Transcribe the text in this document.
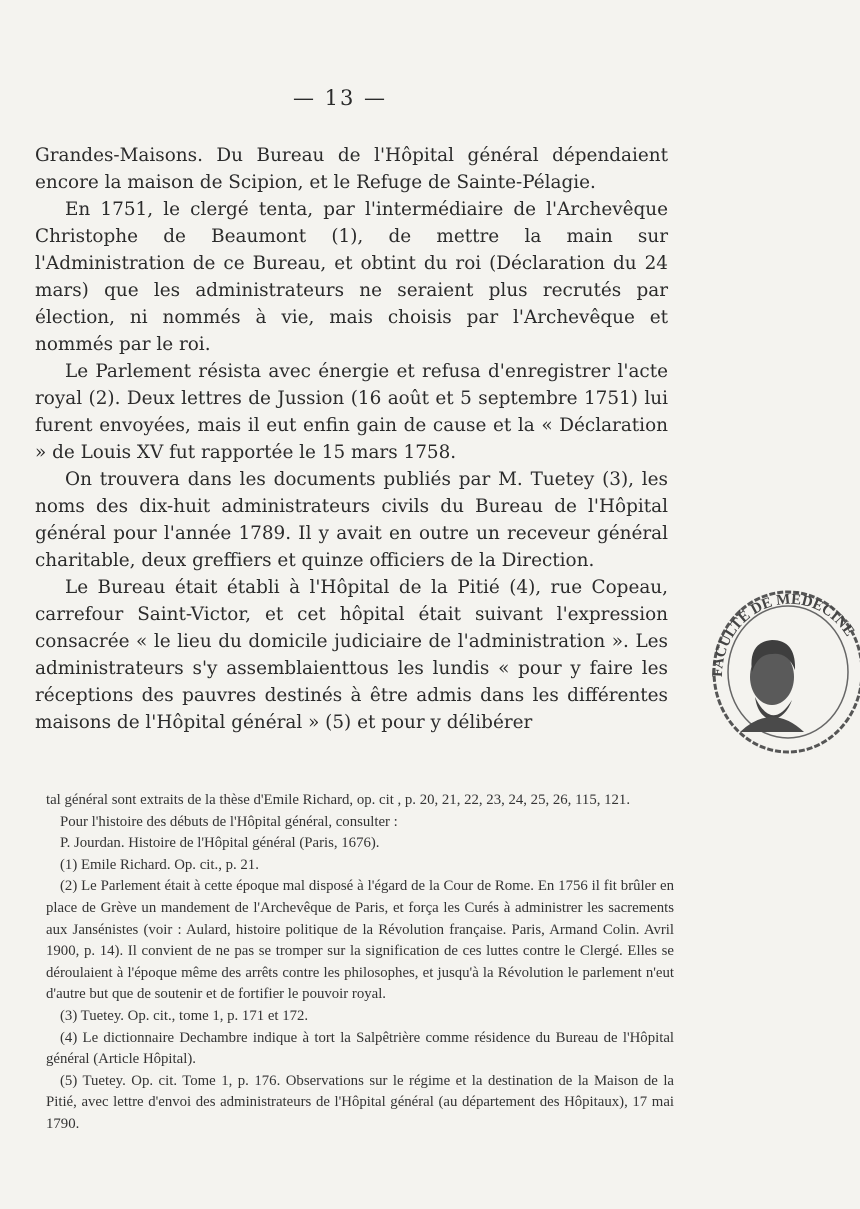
— 13 —

Grandes-Maisons. Du Bureau de l'Hôpital général dépendaient encore la maison de Scipion, et le Refuge de Sainte-Pélagie.

En 1751, le clergé tenta, par l'intermédiaire de l'Archevêque Christophe de Beaumont (1), de mettre la main sur l'Administration de ce Bureau, et obtint du roi (Déclaration du 24 mars) que les administrateurs ne seraient plus recrutés par élection, ni nommés à vie, mais choisis par l'Archevêque et nommés par le roi.

Le Parlement résista avec énergie et refusa d'enregistrer l'acte royal (2). Deux lettres de Jussion (16 août et 5 septembre 1751) lui furent envoyées, mais il eut enfin gain de cause et la « Déclaration » de Louis XV fut rapportée le 15 mars 1758.

On trouvera dans les documents publiés par M. Tuetey (3), les noms des dix-huit administrateurs civils du Bureau de l'Hôpital général pour l'année 1789. Il y avait en outre un receveur général charitable, deux greffiers et quinze officiers de la Direction.

Le Bureau était établi à l'Hôpital de la Pitié (4), rue Copeau, carrefour Saint-Victor, et cet hôpital était suivant l'expression consacrée « le lieu du domicile judiciaire de l'administration ». Les administrateurs s'y assemblaienttous les lundis « pour y faire les réceptions des pauvres destinés à être admis dans les différentes maisons de l'Hôpital général » (5) et pour y délibérer

tal général sont extraits de la thèse d'Emile Richard, op. cit , p. 20, 21, 22, 23, 24, 25, 26, 115, 121.

Pour l'histoire des débuts de l'Hôpital général, consulter :

P. Jourdan. Histoire de l'Hôpital général (Paris, 1676).

(1) Emile Richard. Op. cit., p. 21.

(2) Le Parlement était à cette époque mal disposé à l'égard de la Cour de Rome. En 1756 il fit brûler en place de Grève un mandement de l'Archevêque de Paris, et força les Curés à administrer les sacrements aux Jansénistes (voir : Aulard, histoire politique de la Révolution française. Paris, Armand Colin. Avril 1900, p. 14). Il convient de ne pas se tromper sur la signification de ces luttes contre le Clergé. Elles se déroulaient à l'époque même des arrêts contre les philosophes, et jusqu'à la Révolution le parlement n'eut d'autre but que de soutenir et de fortifier le pouvoir royal.

(3) Tuetey. Op. cit., tome 1, p. 171 et 172.

(4) Le dictionnaire Dechambre indique à tort la Salpêtrière comme résidence du Bureau de l'Hôpital général (Article Hôpital).

(5) Tuetey. Op. cit. Tome 1, p. 176. Observations sur le régime et la destination de la Maison de la Pitié, avec lettre d'envoi des administrateurs de l'Hôpital général (au département des Hôpitaux), 17 mai 1790.

FACULTÉ DE MÉDECINE
